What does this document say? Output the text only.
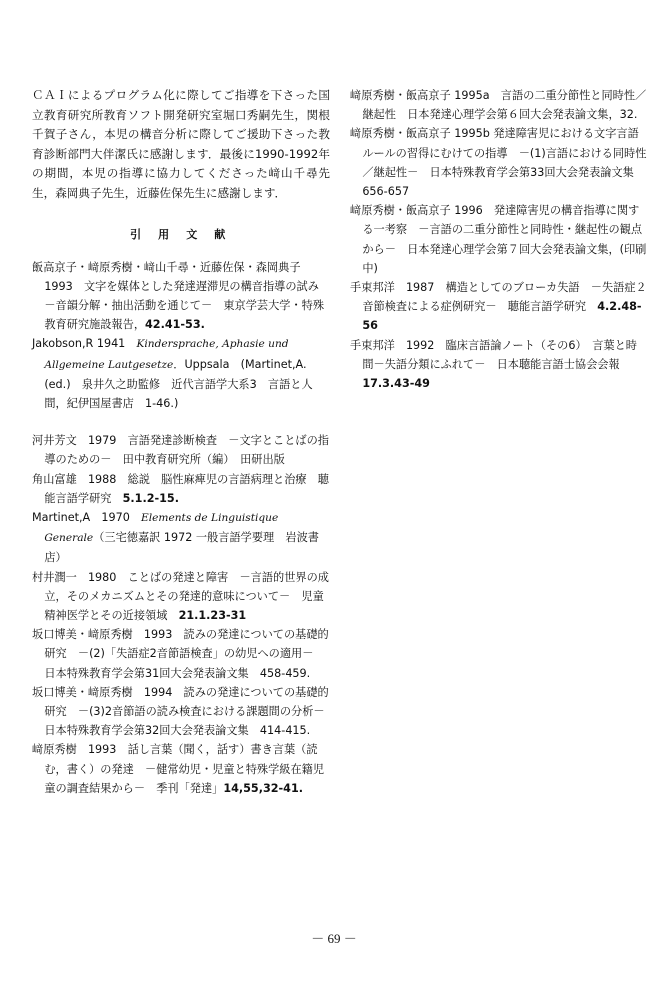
ＣＡＩによるプログラム化に際してご指導を下さった国立教育研究所教育ソフト開発研究室堀口秀嗣先生，関根千賀子さん，本児の構音分析に際してご援助下さった教育診断部門大伴潔氏に感謝します．最後に1990-1992年の期間，本児の指導に協力してくださった﨑山千尋先生，森岡典子先生，近藤佐保先生に感謝します．

引 用 文 献
飯高京子・﨑原秀樹・﨑山千尋・近藤佐保・森岡典子　1993　文字を媒体とした発達遅滞児の構音指導の試み　－音韻分解・抽出活動を通じて－　東京学芸大学・特殊教育研究施設報告，42.41-53.
Jakobson,R 1941　Kindersprache, Aphasie und Allgemeine Lautgesetze．Uppsala　(Martinet,A.(ed.)　泉井久之助監修　近代言語学大系3　言語と人間，紀伊国屋書店　1-46.)
河井芳文　1979　言語発達診断検査　－文字とことばの指導のための－　田中教育研究所（編）　田研出版
角山富雄　1988　総説　脳性麻痺児の言語病理と治療　聴能言語学研究　5.1.2-15.
Martinet,A　1970　Elements de Linguistique Generale（三宅徳嘉訳 1972 一般言語学要理　岩波書店）
村井潤一　1980　ことばの発達と障害　－言語的世界の成立，そのメカニズムとその発達的意味について－　児童精神医学とその近接領域　21.1.23-31
坂口博美・﨑原秀樹　1993　読みの発達についての基礎的研究　－(2)「失語症2音節語検査」の幼児への適用－　日本特殊教育学会第31回大会発表論文集　458-459.
坂口博美・﨑原秀樹　1994　読みの発達についての基礎的研究　－(3)2音節語の読み検査における課題間の分析－　日本特殊教育学会第32回大会発表論文集　414-415.
﨑原秀樹　1993　話し言葉（聞く，話す）書き言葉（読む，書く）の発達　－健常幼児・児童と特殊学級在籍児童の調査結果から－　季刊「発達」14,55,32-41.
﨑原秀樹・飯高京子 1995a　言語の二重分節性と同時性／継起性　日本発達心理学会第６回大会発表論文集，32.
﨑原秀樹・飯高京子 1995b 発達障害児における文字言語ルールの習得にむけての指導　－(1)言語における同時性／継起性－　日本特殊教育学会第33回大会発表論文集　656-657
﨑原秀樹・飯高京子 1996　発達障害児の構音指導に関する一考察　－言語の二重分節性と同時性・継起性の観点から－　日本発達心理学会第７回大会発表論文集，(印刷中)
手束邦洋　1987　構造としてのブローカ失語　－失語症２音節検査による症例研究－　聴能言語学研究　4.2.48-56
手束邦洋　1992　臨床言語論ノート（その6）　言葉と時間－失語分類にふれて－　日本聴能言語士協会会報　17.3.43-49
－ 69 －
